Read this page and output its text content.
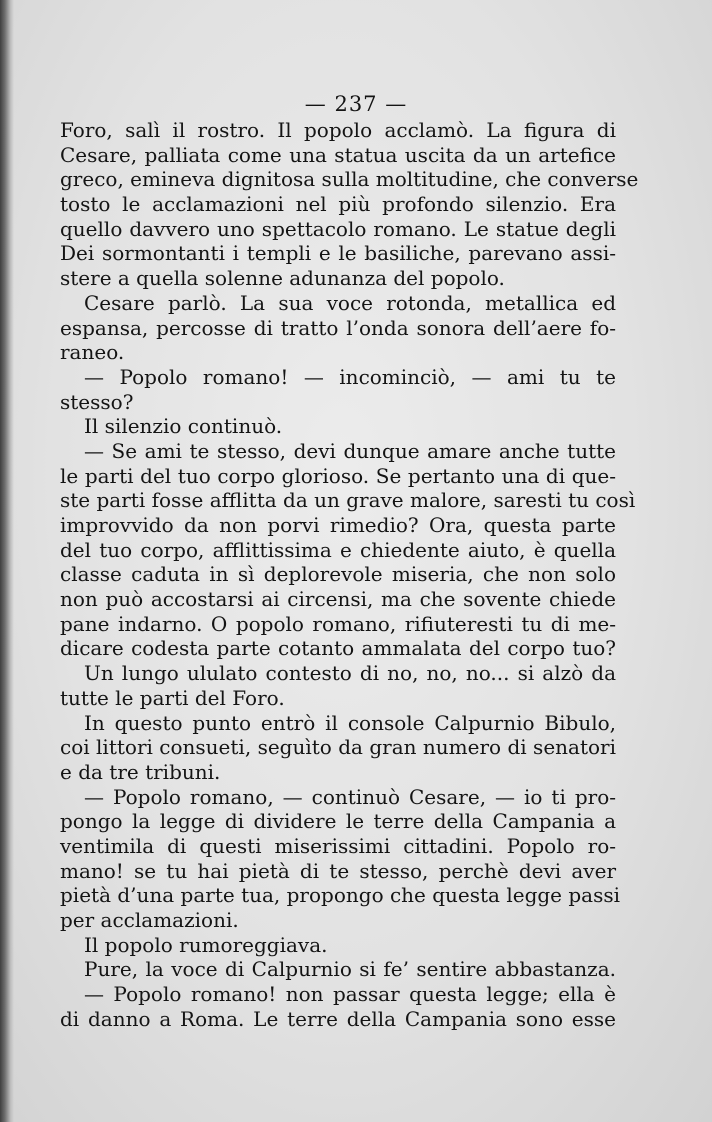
— 237 —
Foro, salì il rostro. Il popolo acclamò. La figura di
Cesare, palliata come una statua uscita da un artefice
greco, emineva dignitosa sulla moltitudine, che converse
tosto le acclamazioni nel più profondo silenzio. Era
quello davvero uno spettacolo romano. Le statue degli
Dei sormontanti i templi e le basiliche, parevano assi-
stere a quella solenne adunanza del popolo.
Cesare parlò. La sua voce rotonda, metallica ed
espansa, percosse di tratto l’onda sonora dell’aere fo-
raneo.
— Popolo romano! — incominciò, — ami tu te
stesso?
Il silenzio continuò.
— Se ami te stesso, devi dunque amare anche tutte
le parti del tuo corpo glorioso. Se pertanto una di que-
ste parti fosse afflitta da un grave malore, saresti tu così
improvvido da non porvi rimedio? Ora, questa parte
del tuo corpo, afflittissima e chiedente aiuto, è quella
classe caduta in sì deplorevole miseria, che non solo
non può accostarsi ai circensi, ma che sovente chiede
pane indarno. O popolo romano, rifiuteresti tu di me-
dicare codesta parte cotanto ammalata del corpo tuo?
Un lungo ululato contesto di no, no, no... si alzò da
tutte le parti del Foro.
In questo punto entrò il console Calpurnio Bibulo,
coi littori consueti, seguìto da gran numero di senatori
e da tre tribuni.
— Popolo romano, — continuò Cesare, — io ti pro-
pongo la legge di dividere le terre della Campania a
ventimila di questi miserissimi cittadini. Popolo ro-
mano! se tu hai pietà di te stesso, perchè devi aver
pietà d’una parte tua, propongo che questa legge passi
per acclamazioni.
Il popolo rumoreggiava.
Pure, la voce di Calpurnio si fe’ sentire abbastanza.
— Popolo romano! non passar questa legge; ella è
di danno a Roma. Le terre della Campania sono esse
